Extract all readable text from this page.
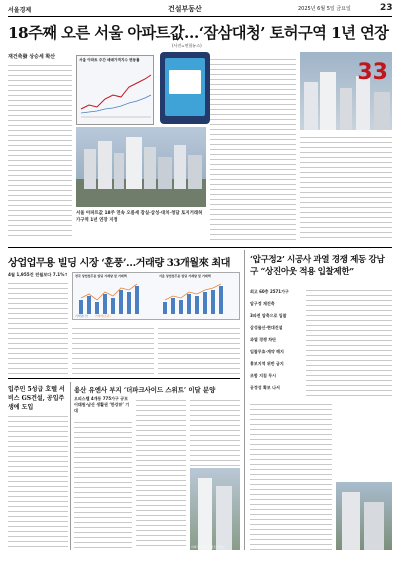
서울경제	건설부동산	2025년 6월 5일 금요일	23
18주째 오른 서울 아파트값…‘잠삼대청’ 토허구역 1년 연장
(사진=연합뉴스)
재건축發 상승세 확산	서울 아파트 주간 매매가격지수 변동률
서울 아파트값 18주 연속 오름세 잠실·삼성·대치·청담 토지거래허가구역 1년 연장 지정
33
상업업무용 빌딩 시장 ‘훈풍’…거래량 33개월來 최대
4월 1,955건 전월보다 7.1%↑ 전국 상업업무용 빌딩 거래량 및 거래액	서울 상업업무용 빌딩 거래량 및 거래액
거래량(건) 거래액(조원)
‘압구정2’ 시공사 과열 경쟁 제동 강남구 “상진아웃 적용 입찰제한”
최고 60층 2571가구
압구정 재건축
3파전 압축으로 입찰
삼성물산·현대건설
과열 경쟁 차단
입찰무효·계약 해지
홍보지역 위반 금지
조합 지침 무시
공정성 확보 나서
입주민 5성급 호텔 서비스 GS건설, 공입주생에 도입
용산 유엔사 부지 ‘더파크사이드 스위트’ 이달 분양
오피스텔 4개동 775가구 규모 이태원·남산 생활권 ‘한강뷰’ 기대
더파크사이드 스위트 조감도
